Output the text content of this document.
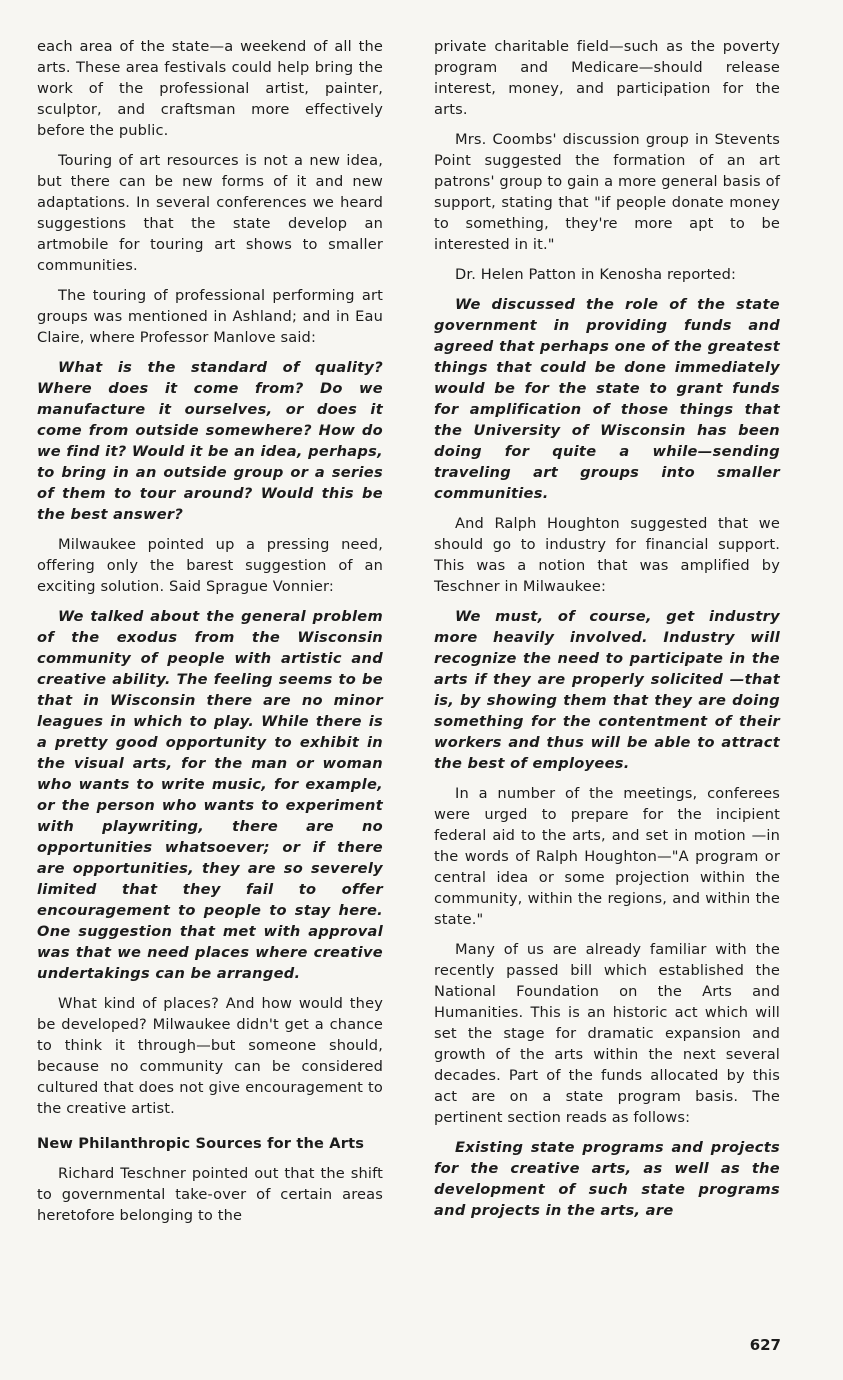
each area of the state—a weekend of all the arts. These area festivals could help bring the work of the professional artist, painter, sculptor, and craftsman more effectively before the public.

Touring of art resources is not a new idea, but there can be new forms of it and new adaptations. In several conferences we heard suggestions that the state develop an artmobile for touring art shows to smaller communities.

The touring of professional performing art groups was mentioned in Ashland; and in Eau Claire, where Professor Manlove said:

What is the standard of quality? Where does it come from? Do we manufacture it ourselves, or does it come from outside somewhere? How do we find it? Would it be an idea, perhaps, to bring in an outside group or a series of them to tour around? Would this be the best answer?

Milwaukee pointed up a pressing need, offering only the barest suggestion of an exciting solution. Said Sprague Vonnier:

We talked about the general problem of the exodus from the Wisconsin community of people with artistic and creative ability. The feeling seems to be that in Wisconsin there are no minor leagues in which to play. While there is a pretty good opportunity to exhibit in the visual arts, for the man or woman who wants to write music, for example, or the person who wants to experiment with playwriting, there are no opportunities whatsoever; or if there are opportunities, they are so severely limited that they fail to offer encouragement to people to stay here. One suggestion that met with approval was that we need places where creative undertakings can be arranged.

What kind of places? And how would they be developed? Milwaukee didn't get a chance to think it through—but someone should, because no community can be considered cultured that does not give encouragement to the creative artist.

New Philanthropic Sources for the Arts

Richard Teschner pointed out that the shift to governmental take-over of certain areas heretofore belonging to the

private charitable field—such as the poverty program and Medicare—should release interest, money, and participation for the arts.

Mrs. Coombs' discussion group in Stevents Point suggested the formation of an art patrons' group to gain a more general basis of support, stating that "if people donate money to something, they're more apt to be interested in it."

Dr. Helen Patton in Kenosha reported:

We discussed the role of the state government in providing funds and agreed that perhaps one of the greatest things that could be done immediately would be for the state to grant funds for amplification of those things that the University of Wisconsin has been doing for quite a while—sending traveling art groups into smaller communities.

And Ralph Houghton suggested that we should go to industry for financial support. This was a notion that was amplified by Teschner in Milwaukee:

We must, of course, get industry more heavily involved. Industry will recognize the need to participate in the arts if they are properly solicited —that is, by showing them that they are doing something for the contentment of their workers and thus will be able to attract the best of employees.

In a number of the meetings, conferees were urged to prepare for the incipient federal aid to the arts, and set in motion —in the words of Ralph Houghton—"A program or central idea or some projection within the community, within the regions, and within the state."

Many of us are already familiar with the recently passed bill which established the National Foundation on the Arts and Humanities. This is an historic act which will set the stage for dramatic expansion and growth of the arts within the next several decades. Part of the funds allocated by this act are on a state program basis. The pertinent section reads as follows:

Existing state programs and projects for the creative arts, as well as the development of such state programs and projects in the arts, are

627
